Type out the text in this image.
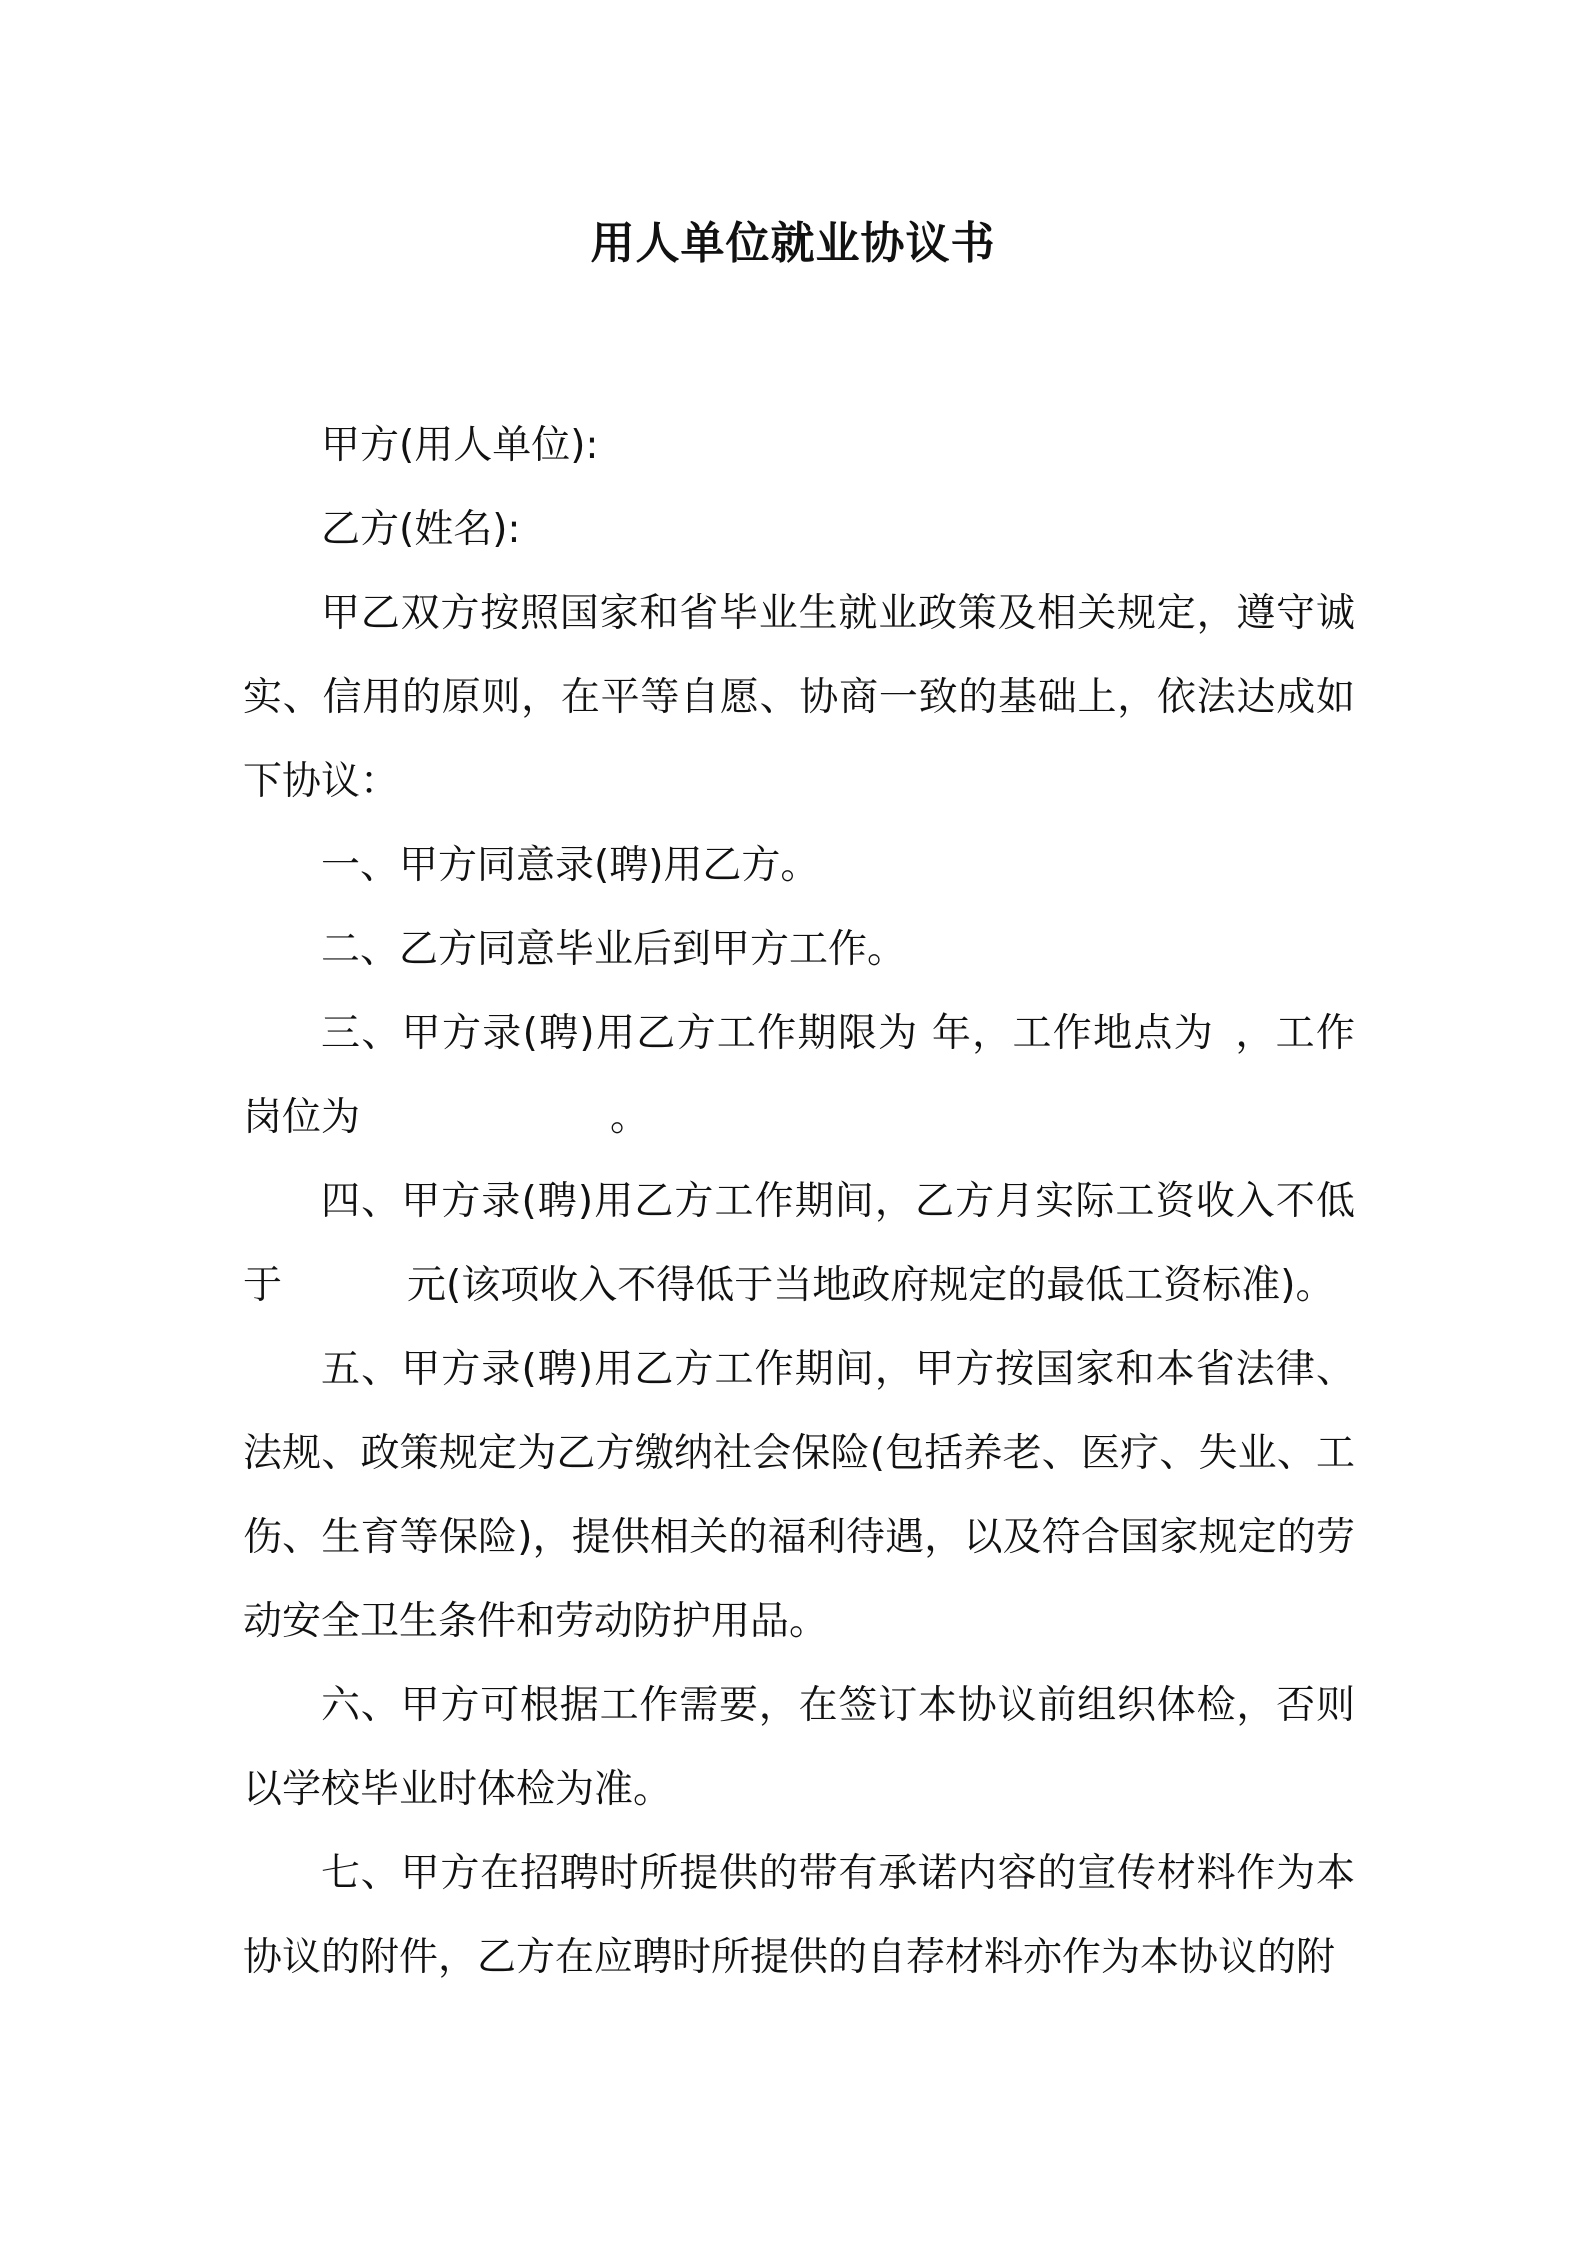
用人单位就业协议书

甲方(用人单位):

乙方(姓名):

甲乙双方按照国家和省毕业生就业政策及相关规定，遵守诚实、信用的原则，在平等自愿、协商一致的基础上，依法达成如下协议：

一、甲方同意录(聘)用乙方。

二、乙方同意毕业后到甲方工作。

三、甲方录(聘)用乙方工作期限为 年，工作地点为 ，工作岗位为	。

四、甲方录(聘)用乙方工作期间，乙方月实际工资收入不低于	元(该项收入不得低于当地政府规定的最低工资标准)。

五、甲方录(聘)用乙方工作期间，甲方按国家和本省法律、法规、政策规定为乙方缴纳社会保险(包括养老、医疗、失业、工伤、生育等保险)，提供相关的福利待遇，以及符合国家规定的劳动安全卫生条件和劳动防护用品。

六、甲方可根据工作需要，在签订本协议前组织体检，否则以学校毕业时体检为准。

七、甲方在招聘时所提供的带有承诺内容的宣传材料作为本协议的附件，乙方在应聘时所提供的自荐材料亦作为本协议的附
